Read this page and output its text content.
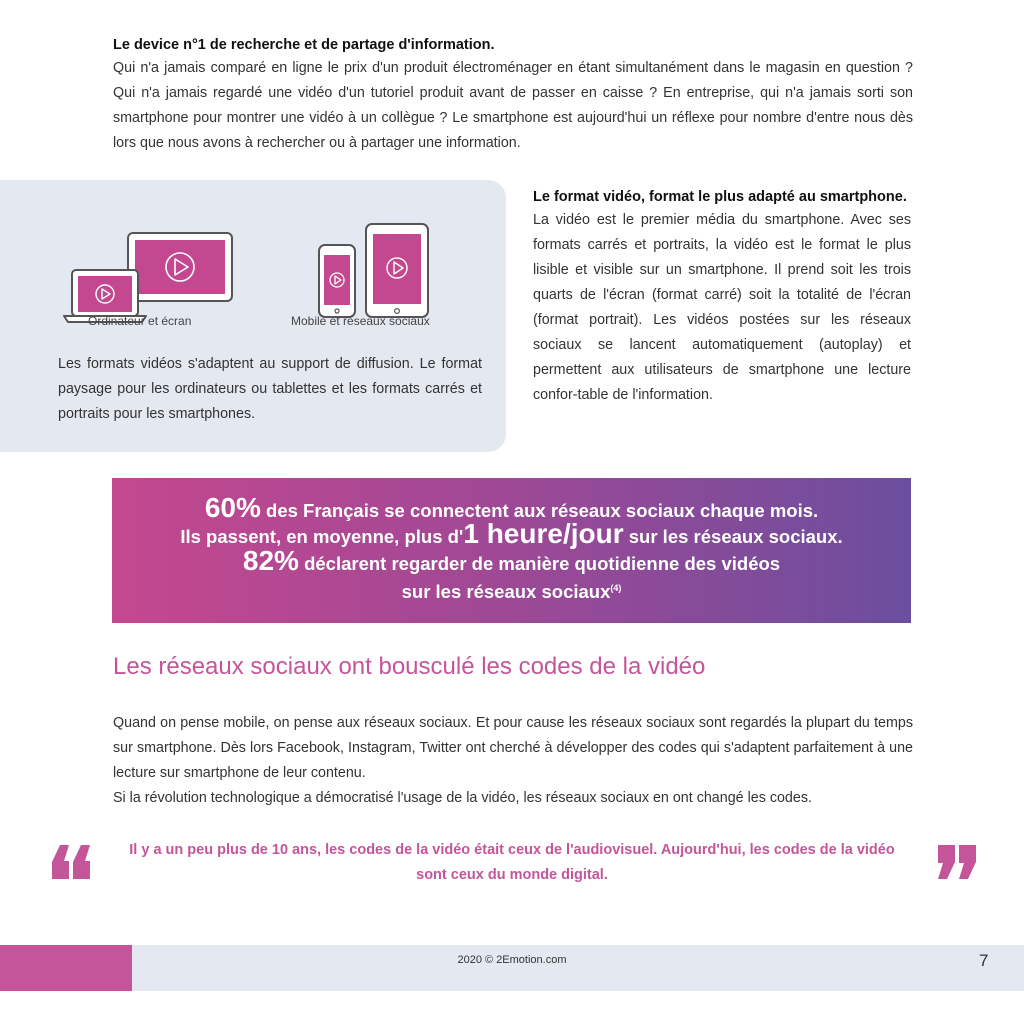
Le device n°1 de recherche et de partage d'information.
Qui n'a jamais comparé en ligne le prix d'un produit électroménager en étant simultanément dans le magasin en question ? Qui n'a jamais regardé une vidéo d'un tutoriel produit avant de passer en caisse ? En entreprise, qui n'a jamais sorti son smartphone pour montrer une vidéo à un collègue ? Le smartphone est aujourd'hui un réflexe pour nombre d'entre nous dès lors que nous avons à rechercher ou à partager une information.
Ordinateur et écran	Mobile et réseaux sociaux
Les formats vidéos s'adaptent au support de diffusion. Le format paysage pour les ordinateurs ou tablettes et les formats carrés et portraits pour les smartphones.
Le format vidéo, format le plus adapté au smartphone.
La vidéo est le premier média du smartphone. Avec ses formats carrés et portraits, la vidéo est le format le plus lisible et visible sur un smartphone. Il prend soit les trois quarts de l'écran (format carré) soit la totalité de l'écran (format portrait). Les vidéos postées sur les réseaux sociaux se lancent automatiquement (autoplay) et permettent aux utilisateurs de smartphone une lecture confor-table de l'information.
60% des Français se connectent aux réseaux sociaux chaque mois.
Ils passent, en moyenne, plus d'1 heure/jour sur les réseaux sociaux.
82% déclarent regarder de manière quotidienne des vidéos
sur les réseaux sociaux$^{(4)}$
Les réseaux sociaux ont bousculé les codes de la vidéo

Quand on pense mobile, on pense aux réseaux sociaux. Et pour cause les réseaux sociaux sont regardés la plupart du temps sur smartphone. Dès lors Facebook, Instagram, Twitter ont cherché à développer des codes qui s'adaptent parfaitement à une lecture sur smartphone de leur contenu.

Si la révolution technologique a démocratisé l'usage de la vidéo, les réseaux sociaux en ont changé les codes.

Il y a un peu plus de 10 ans, les codes de la vidéo était ceux de l'audiovisuel. Aujourd'hui, les codes de la vidéo sont ceux du monde digital.
2020 © 2Emotion.com	7
